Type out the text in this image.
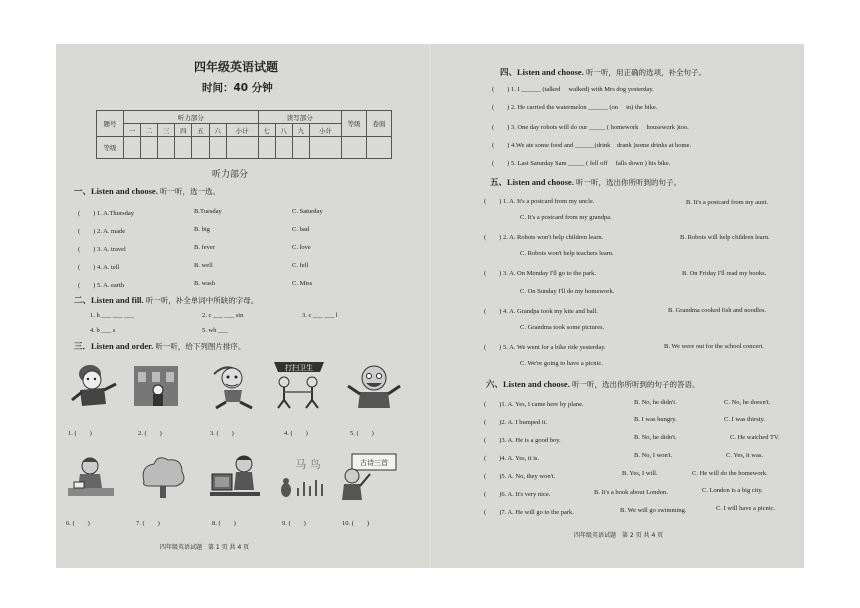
四年级英语试题
时间：40 分钟
题号	听力部分							读写部分				等级	卷面
	一	二	三	四	五	六	小计	七	八	九	小计		
等级													
听力部分
一、Listen and choose. 听一听，选一选。
(　　) 1. A.Thursday	B.Tuesday	C. Saturday
(　　) 2. A. made	B. big	C. bad
(　　) 3. A. travel	B. fever	C. love
(　　) 4. A. tell	B. well	C. fell
(　　) 5. A. earth	B. wash	C. Miss
二、Listen and fill. 听一听，补全单词中所缺的字母。
1. h ___ ___ ___	2. c ___ ___ sin	3. c ___ ___ l
4. b ___ s	5. wh ___
三．Listen and order. 听一听，给下列图片排序。
打扫卫生
1. (　　)	2. (　　)	3. (　　)	4. (　　)	5. (　　)
马 鸟	古诗三首
6. (　　)	7. (　　)	8. (　　)	9. (　　)	10. (　　)
四年级英语试题　第 1 页 共 4 页
四、Listen and choose. 听一听，用正确的选项，补全句子。
(　　) 1. I ______ (talked　 walked) with Mrs dog yesterday.
(　　) 2. He carried the watermelon ______ (on　 in) the bike.
(　　) 3. One day robots will do our _____ ( homework　 housework )too.
(　　) 4.We ate some food and ______(drink　drank )some drinks at home.
(　　) 5. Last Saturday Sam _____ ( fell off　 falls down ) his bike.
五、Listen and choose. 听一听，选出你所听到的句子。
(　　) 1. A. It's a postcard from my uncle.	B. It's a postcard from my aunt.
C. It's a postcard from my grandpa.
(　　) 2. A. Robots won't help children learn.	B. Robots will help children learn.
C. Robots won't help teachers learn.
(　　) 3. A. On Monday I'll go to the park.	B. On Friday I'll read my books.
C. On Sunday I'll do my homework.
(　　) 4. A. Grandpa took my kite and ball.	B. Grandma cooked fish and noodles.
C. Grandma took some pictures.
(　　) 5. A. We went for a bike ride yesterday.	B. We were out for the school concert.
C. We're going to have a picnic.
六、Listen and choose. 听一听，选出你所听到的句子的答语。
(　　)1. A. Yes, I came here by plane.	B. No, he didn't.	C. No, he doesn't.
(　　)2. A. I bumped it.	B. I was hungry.	C. I was thirsty.
(　　)3. A. He is a good boy.	B. No, he didn't.	C. He watched TV.
(　　)4. A. Yes, it is.	B. No, I won't.	C. Yes, it was.
(　　)5. A. No, they won't.	B. Yes, I will.	C. He will do the homework.
(　　)6. A. It's very nice.	B. It's a book about London.	C. London is a big city.
(　　)7. A. He will go to the park.	B. We will go swimming.	C. I will have a picnic.
四年级英语试题　第 2 页 共 4 页
